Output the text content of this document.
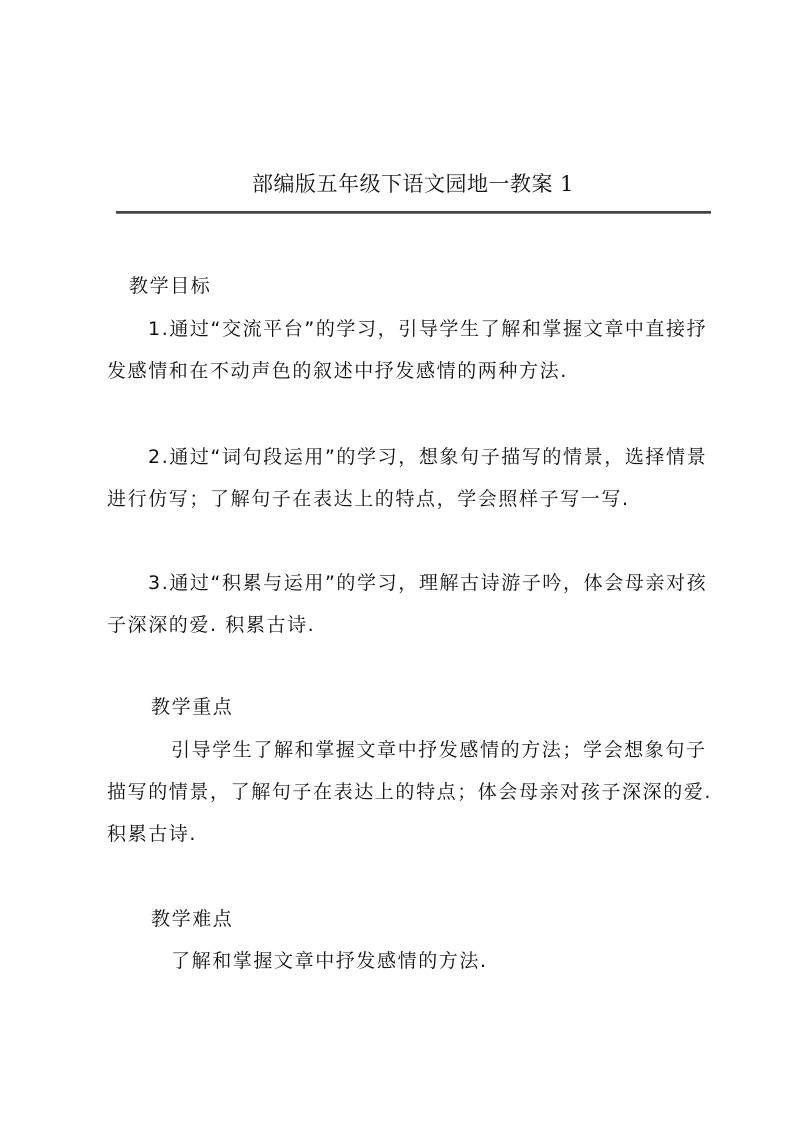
部编版五年级下语文园地一教案 1
教学目标

1.通过“交流平台”的学习，引导学生了解和掌握文章中直接抒发感情和在不动声色的叙述中抒发感情的两种方法.

2.通过“词句段运用”的学习，想象句子描写的情景，选择情景进行仿写；了解句子在表达上的特点，学会照样子写一写.

3.通过“积累与运用”的学习，理解古诗游子吟，体会母亲对孩子深深的爱. 积累古诗.

教学重点

引导学生了解和掌握文章中抒发感情的方法；学会想象句子描写的情景，了解句子在表达上的特点；体会母亲对孩子深深的爱. 积累古诗.

教学难点

了解和掌握文章中抒发感情的方法.
